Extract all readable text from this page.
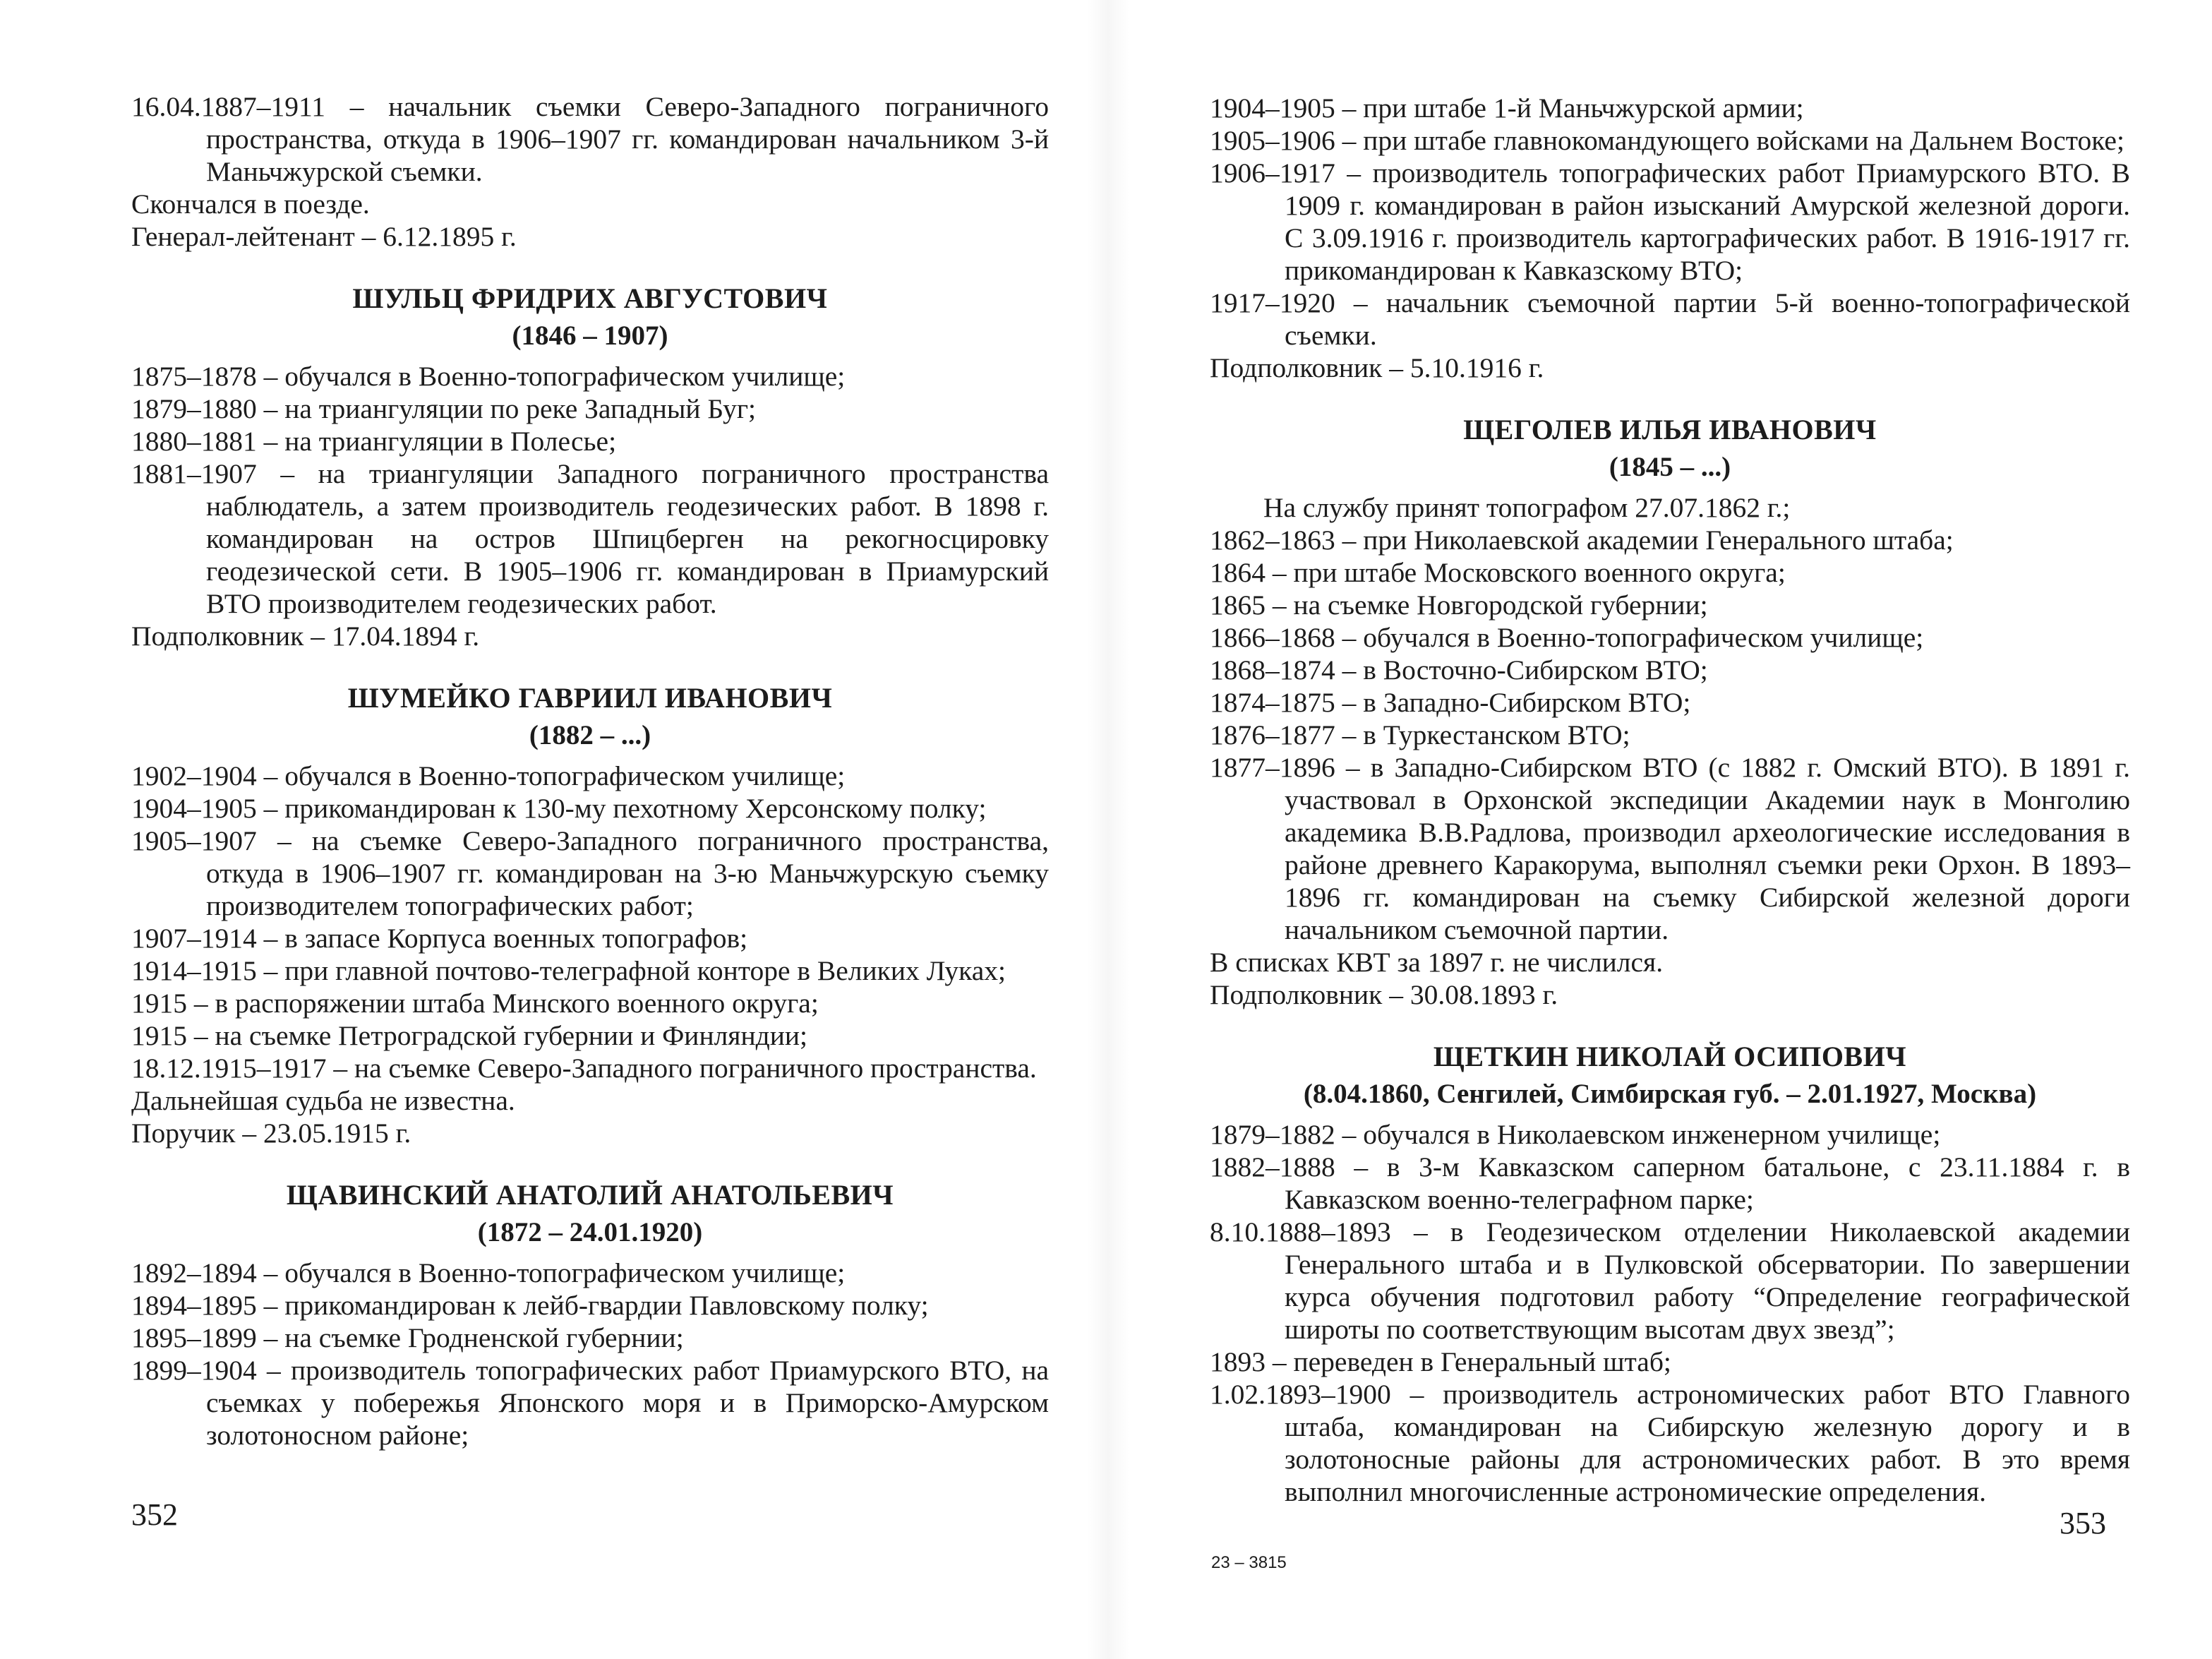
16.04.1887–1911 – начальник съемки Северо-Западного пограничного пространства, откуда в 1906–1907 гг. командирован начальником 3-й Маньчжурской съемки.

Скончался в поезде.

Генерал-лейтенант – 6.12.1895 г.

ШУЛЬЦ ФРИДРИХ АВГУСТОВИЧ
(1846 – 1907)

1875–1878 – обучался в Военно-топографическом училище;

1879–1880 – на триангуляции по реке Западный Буг;

1880–1881 – на триангуляции в Полесье;

1881–1907 – на триангуляции Западного пограничного пространства наблюдатель, а затем производитель геодезических работ. В 1898 г. командирован на остров Шпицберген на рекогносцировку геодезической сети. В 1905–1906 гг. командирован в Приамурский ВТО производителем геодезических работ.

Подполковник – 17.04.1894 г.

ШУМЕЙКО ГАВРИИЛ ИВАНОВИЧ
(1882 – ...)

1902–1904 – обучался в Военно-топографическом училище;

1904–1905 – прикомандирован к 130-му пехотному Херсонскому полку;

1905–1907 – на съемке Северо-Западного пограничного пространства, откуда в 1906–1907 гг. командирован на 3-ю Маньчжурскую съемку производителем топографических работ;

1907–1914 – в запасе Корпуса военных топографов;

1914–1915 – при главной почтово-телеграфной конторе в Великих Луках;

1915 – в распоряжении штаба Минского военного округа;

1915 – на съемке Петроградской губернии и Финляндии;

18.12.1915–1917 – на съемке Северо-Западного пограничного пространства.

Дальнейшая судьба не известна.

Поручик – 23.05.1915 г.

ЩАВИНСКИЙ АНАТОЛИЙ АНАТОЛЬЕВИЧ
(1872 – 24.01.1920)

1892–1894 – обучался в Военно-топографическом училище;

1894–1895 – прикомандирован к лейб-гвардии Павловскому полку;

1895–1899 – на съемке Гродненской губернии;

1899–1904 – производитель топографических работ Приамурского ВТО, на съемках у побережья Японского моря и в Приморско-Амурском золотоносном районе;

352

1904–1905 – при штабе 1-й Маньчжурской армии;

1905–1906 – при штабе главнокомандующего войсками на Дальнем Востоке;

1906–1917 – производитель топографических работ Приамурского ВТО. В 1909 г. командирован в район изысканий Амурской железной дороги. С 3.09.1916 г. производитель картографических работ. В 1916-1917 гг. прикомандирован к Кавказскому ВТО;

1917–1920 – начальник съемочной партии 5-й военно-топографической съемки.

Подполковник – 5.10.1916 г.

ЩЕГОЛЕВ ИЛЬЯ ИВАНОВИЧ
(1845 – ...)

На службу принят топографом 27.07.1862 г.;

1862–1863 – при Николаевской академии Генерального штаба;

1864 – при штабе Московского военного округа;

1865 – на съемке Новгородской губернии;

1866–1868 – обучался в Военно-топографическом училище;

1868–1874 – в Восточно-Сибирском ВТО;

1874–1875 – в Западно-Сибирском ВТО;

1876–1877 – в Туркестанском ВТО;

1877–1896 – в Западно-Сибирском ВТО (с 1882 г. Омский ВТО). В 1891 г. участвовал в Орхонской экспедиции Академии наук в Монголию академика В.В.Радлова, производил археологические исследования в районе древнего Каракорума, выполнял съемки реки Орхон. В 1893–1896 гг. командирован на съемку Сибирской железной дороги начальником съемочной партии.

В списках КВТ за 1897 г. не числился.

Подполковник – 30.08.1893 г.

ЩЕТКИН НИКОЛАЙ ОСИПОВИЧ
(8.04.1860, Сенгилей, Симбирская губ. – 2.01.1927, Москва)

1879–1882 – обучался в Николаевском инженерном училище;

1882–1888 – в 3-м Кавказском саперном батальоне, с 23.11.1884 г. в Кавказском военно-телеграфном парке;

8.10.1888–1893 – в Геодезическом отделении Николаевской академии Генерального штаба и в Пулковской обсерватории. По завершении курса обучения подготовил работу “Определение географической широты по соответствующим высотам двух звезд”;

1893 – переведен в Генеральный штаб;

1.02.1893–1900 – производитель астрономических работ ВТО Главного штаба, командирован на Сибирскую железную дорогу и в золотоносные районы для астрономических работ. В это время выполнил многочисленные астрономические определения.

353
23 – 3815
